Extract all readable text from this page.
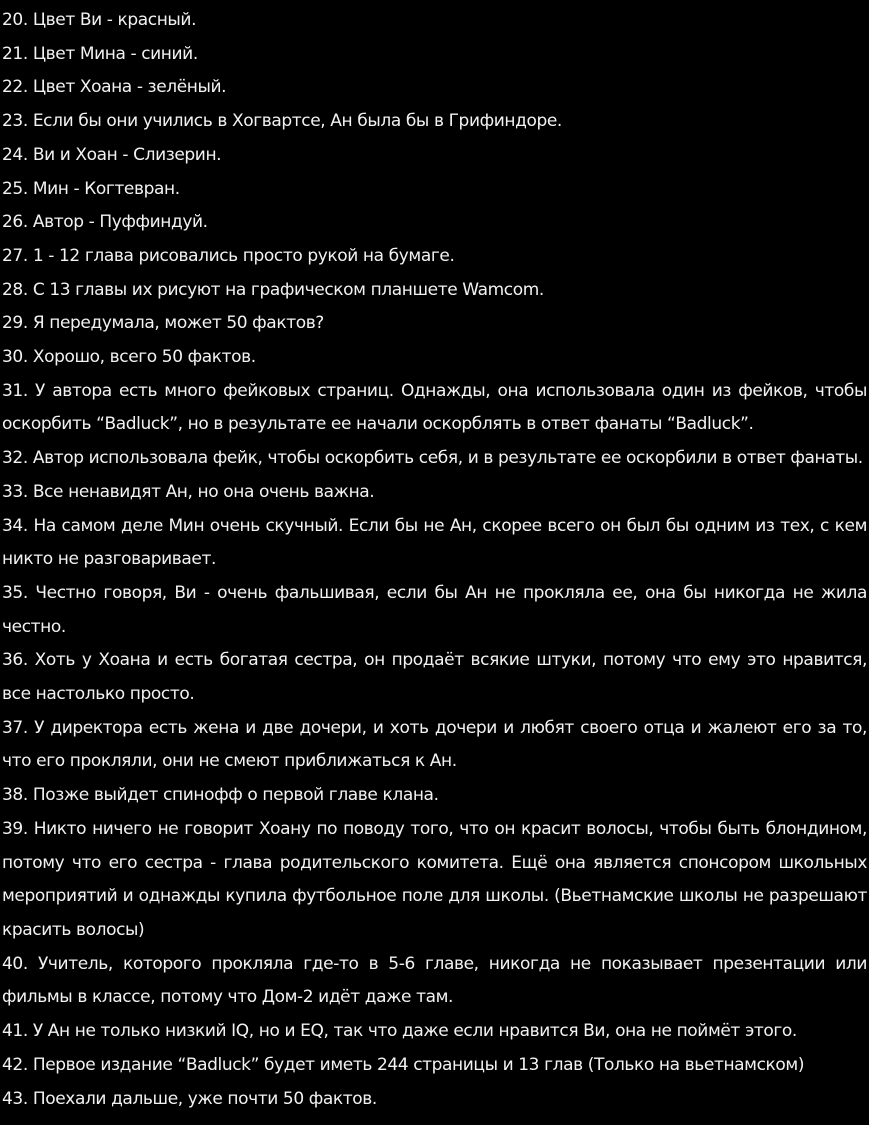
20. Цвет Ви - красный.

21. Цвет Мина - синий.

22. Цвет Хоана - зелёный.

23. Если бы они учились в Хогвартсе, Ан была бы в Грифиндоре.

24. Ви и Хоан - Слизерин.

25. Мин - Когтевран.

26. Автор - Пуффиндуй.

27. 1 - 12 глава рисовались просто рукой на бумаге.

28. С 13 главы их рисуют на графическом планшете Wamcom.

29. Я передумала, может 50 фактов?

30. Хорошо, всего 50 фактов.

31. У автора есть много фейковых страниц. Однажды, она использовала один из фейков, чтобы оскорбить “Badluck”, но в результате ее начали оскорблять в ответ фанаты “Badluck”.

32. Автор использовала фейк, чтобы оскорбить себя, и в результате ее оскорбили в ответ фанаты.

33. Все ненавидят Ан, но она очень важна.

34. На самом деле Мин очень скучный. Если бы не Ан, скорее всего он был бы одним из тех, с кем никто не разговаривает.

35. Честно говоря, Ви - очень фальшивая, если бы Ан не прокляла ее, она бы никогда не жила честно.

36. Хоть у Хоана и есть богатая сестра, он продаёт всякие штуки, потому что ему это нравится, все настолько просто.

37. У директора есть жена и две дочери, и хоть дочери и любят своего отца и жалеют его за то, что его прокляли, они не смеют приближаться к Ан.

38. Позже выйдет спинофф о первой главе клана.

39. Никто ничего не говорит Хоану по поводу того, что он красит волосы, чтобы быть блондином, потому что его сестра - глава родительского комитета. Ещё она является спонсором школьных мероприятий и однажды купила футбольное поле для школы. (Вьетнамские школы не разрешают красить волосы)

40. Учитель, которого прокляла где-то в 5-6 главе, никогда не показывает презентации или фильмы в классе, потому что Дом-2 идёт даже там.

41. У Ан не только низкий IQ, но и EQ, так что даже если нравится Ви, она не поймёт этого.

42. Первое издание “Badluck” будет иметь 244 страницы и 13 глав (Только на вьетнамском)

43. Поехали дальше, уже почти 50 фактов.
